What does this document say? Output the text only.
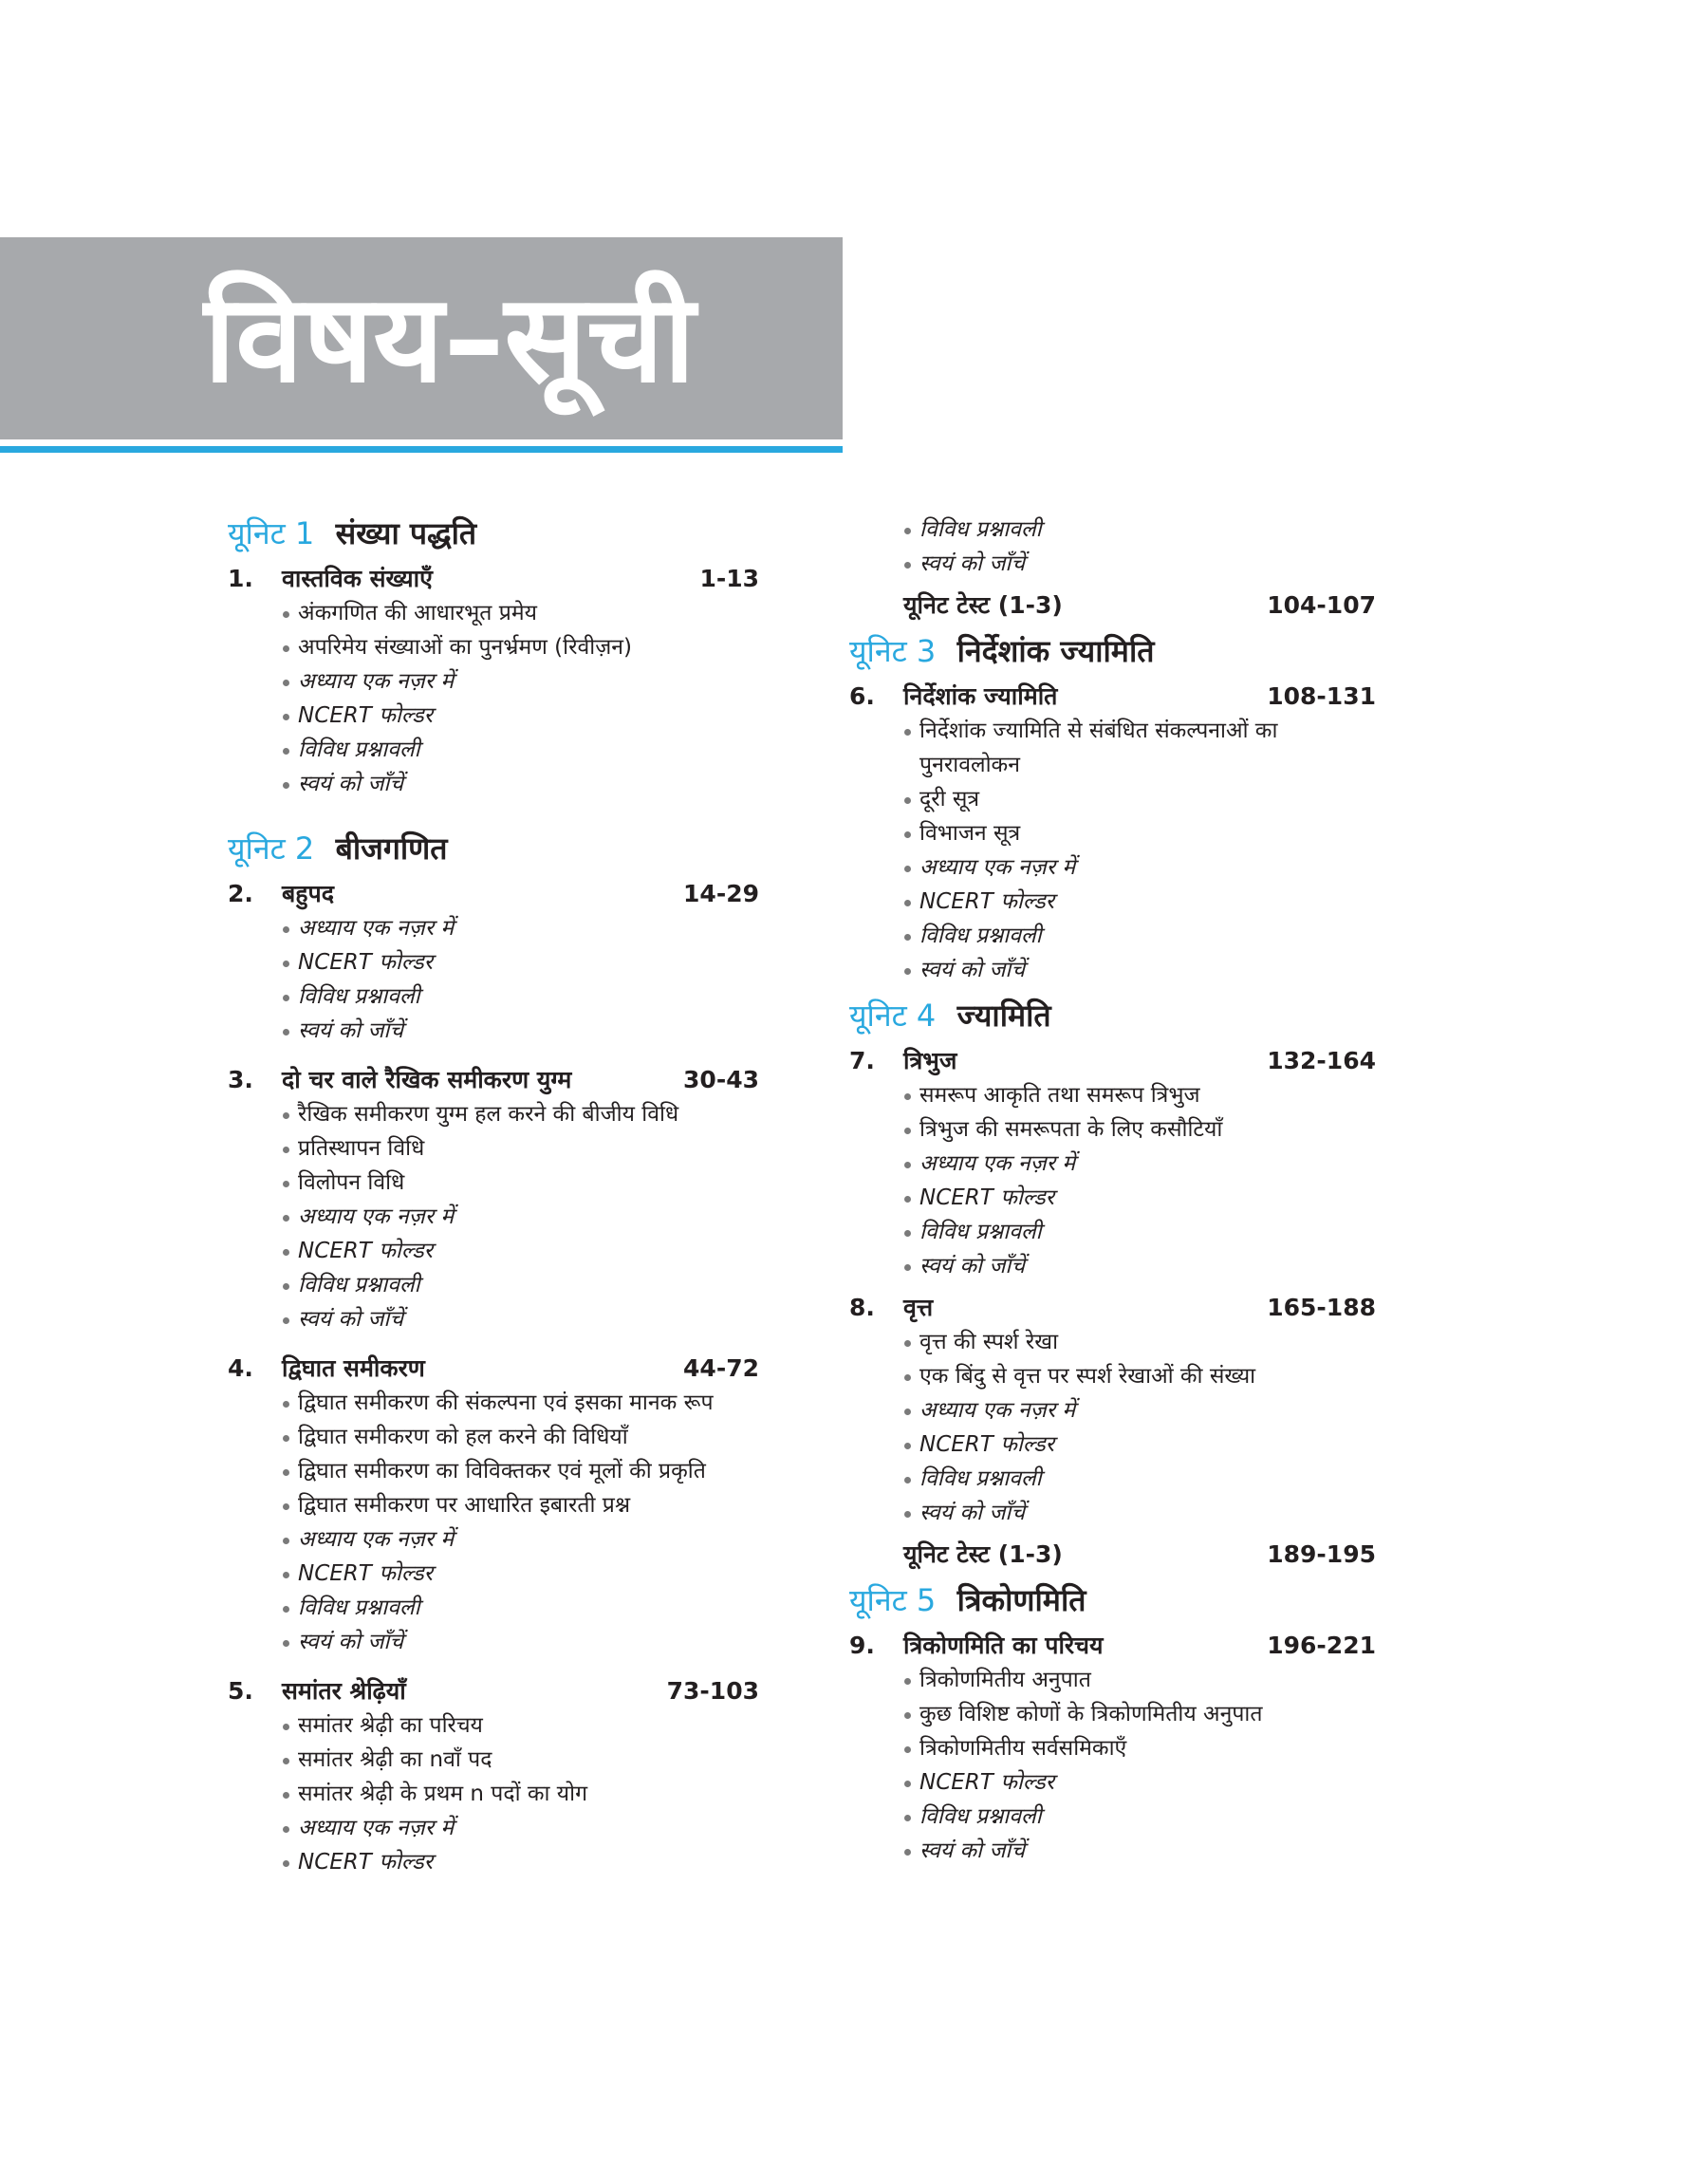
विषय–सूची
यूनिट 1 संख्या पद्धति
1. वास्तविक संख्याएँ	1-13
अंकगणित की आधारभूत प्रमेय
अपरिमेय संख्याओं का पुनर्भ्रमण (रिवीज़न)
अध्याय एक नज़र में
NCERT फोल्डर
विविध प्रश्नावली
स्वयं को जाँचें
यूनिट 2 बीजगणित
2. बहुपद	14-29
अध्याय एक नज़र में
NCERT फोल्डर
विविध प्रश्नावली
स्वयं को जाँचें
3. दो चर वाले रैखिक समीकरण युग्म	30-43
रैखिक समीकरण युग्म हल करने की बीजीय विधि
प्रतिस्थापन विधि
विलोपन विधि
अध्याय एक नज़र में
NCERT फोल्डर
विविध प्रश्नावली
स्वयं को जाँचें
4. द्विघात समीकरण	44-72
द्विघात समीकरण की संकल्पना एवं इसका मानक रूप
द्विघात समीकरण को हल करने की विधियाँ
द्विघात समीकरण का विविक्तकर एवं मूलों की प्रकृति
द्विघात समीकरण पर आधारित इबारती प्रश्न
अध्याय एक नज़र में
NCERT फोल्डर
विविध प्रश्नावली
स्वयं को जाँचें
5. समांतर श्रेढ़ियाँ	73-103
समांतर श्रेढ़ी का परिचय
समांतर श्रेढ़ी का nवाँ पद
समांतर श्रेढ़ी के प्रथम n पदों का योग
अध्याय एक नज़र में
NCERT फोल्डर
विविध प्रश्नावली
स्वयं को जाँचें
यूनिट टेस्ट (1-3)	104-107
यूनिट 3 निर्देशांक ज्यामिति
6. निर्देशांक ज्यामिति	108-131
निर्देशांक ज्यामिति से संबंधित संकल्पनाओं का पुनरावलोकन
दूरी सूत्र
विभाजन सूत्र
अध्याय एक नज़र में
NCERT फोल्डर
विविध प्रश्नावली
स्वयं को जाँचें
यूनिट 4 ज्यामिति
7. त्रिभुज	132-164
समरूप आकृति तथा समरूप त्रिभुज
त्रिभुज की समरूपता के लिए कसौटियाँ
अध्याय एक नज़र में
NCERT फोल्डर
विविध प्रश्नावली
स्वयं को जाँचें
8. वृत्त	165-188
वृत्त की स्पर्श रेखा
एक बिंदु से वृत्त पर स्पर्श रेखाओं की संख्या
अध्याय एक नज़र में
NCERT फोल्डर
विविध प्रश्नावली
स्वयं को जाँचें
यूनिट टेस्ट (1-3)	189-195
यूनिट 5 त्रिकोणमिति
9. त्रिकोणमिति का परिचय	196-221
त्रिकोणमितीय अनुपात
कुछ विशिष्ट कोणों के त्रिकोणमितीय अनुपात
त्रिकोणमितीय सर्वसमिकाएँ
NCERT फोल्डर
विविध प्रश्नावली
स्वयं को जाँचें
